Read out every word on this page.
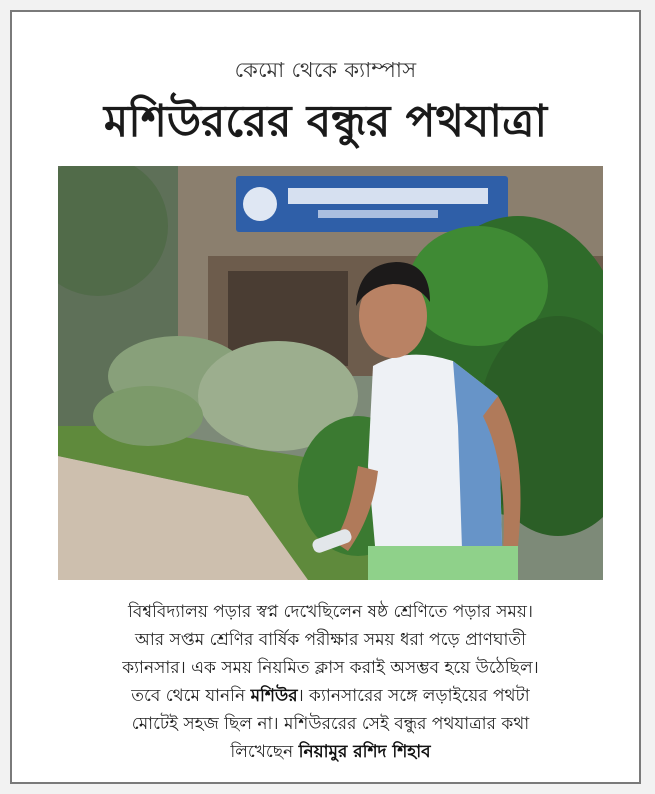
কেমো থেকে ক্যাম্পাস
মশিউররের বন্ধুর পথযাত্রা
বিশ্ববিদ্যালয় পড়ার স্বপ্ন দেখেছিলেন ষষ্ঠ শ্রেণিতে পড়ার সময়।
আর সপ্তম শ্রেণির বার্ষিক পরীক্ষার সময় ধরা পড়ে প্রাণঘাতী
ক্যানসার। এক সময় নিয়মিত ক্লাস করাই অসম্ভব হয়ে উঠেছিল।
তবে থেমে যাননি মশিউর। ক্যানসারের সঙ্গে লড়াইয়ের পথটা
মোটেই সহজ ছিল না। মশিউররের সেই বন্ধুর পথযাত্রার কথা
লিখেছেন নিয়ামুর রশিদ শিহাব
